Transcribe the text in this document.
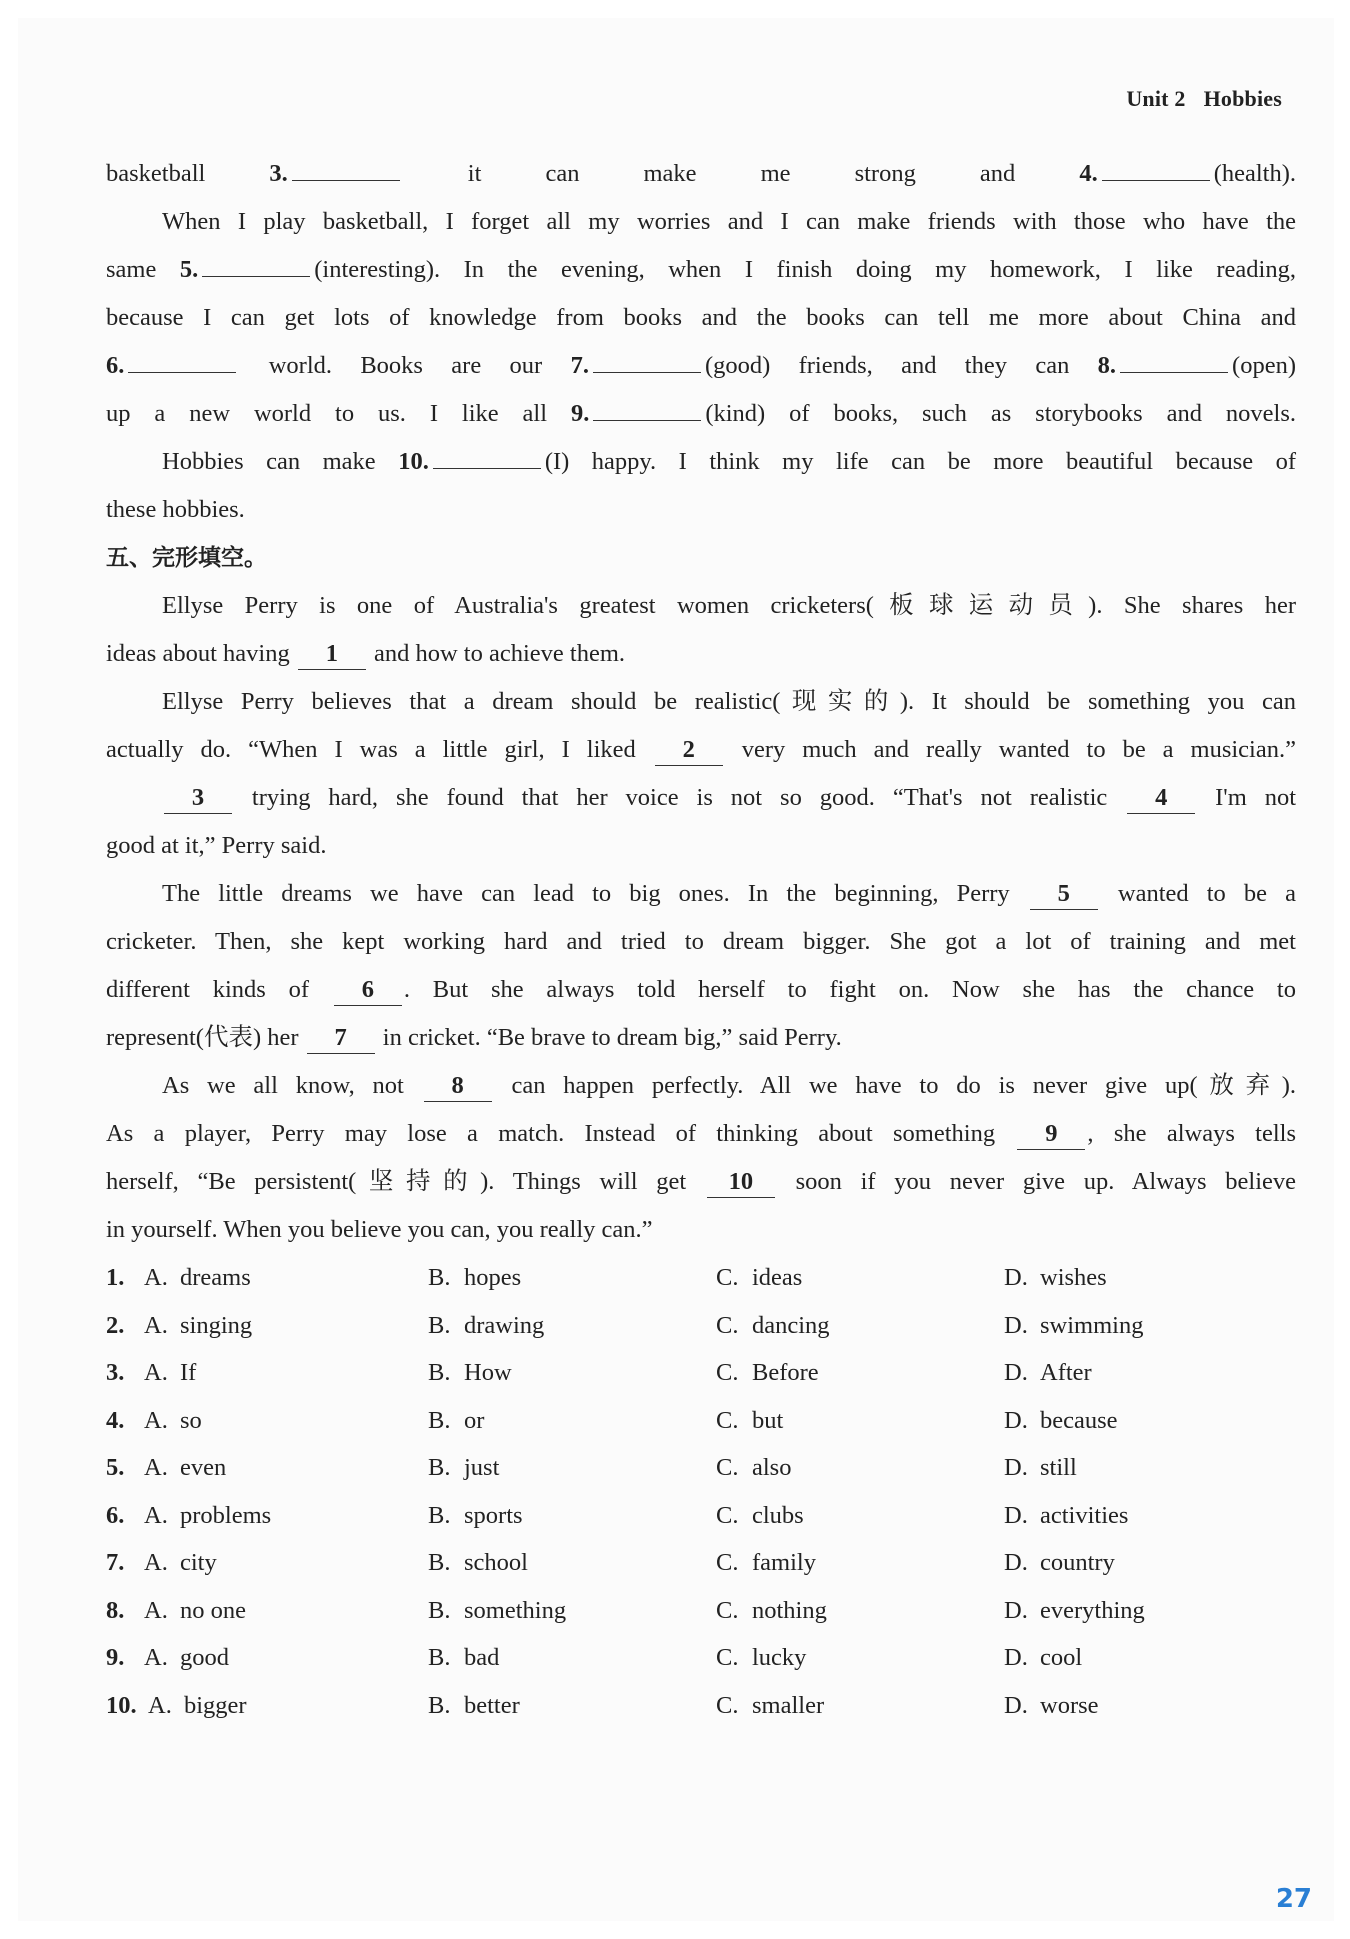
Unit 2 Hobbies
basketball 3.	it can make me strong and 4.	(health).
When I play basketball, I forget all my worries and I can make friends with those who have the
same 5.	(interesting). In the evening, when I finish doing my homework, I like reading,
because I can get lots of knowledge from books and the books can tell me more about China and
6.	world. Books are our 7.	(good) friends, and they can 8.	(open)
up a new world to us. I like all 9.	(kind) of books, such as storybooks and novels.
Hobbies can make 10.	(I) happy. I think my life can be more beautiful because of
these hobbies.
五、完形填空。
Ellyse Perry is one of Australia's greatest women cricketers(板球运动员). She shares her
ideas about having 1 and how to achieve them.
Ellyse Perry believes that a dream should be realistic(现实的). It should be something you can
actually do. “When I was a little girl, I liked 2 very much and really wanted to be a musician.”
3 trying hard, she found that her voice is not so good. “That's not realistic 4 I'm not
good at it,” Perry said.
The little dreams we have can lead to big ones. In the beginning, Perry 5 wanted to be a
cricketer. Then, she kept working hard and tried to dream bigger. She got a lot of training and met
different kinds of 6 . But she always told herself to fight on. Now she has the chance to
represent(代表) her 7 in cricket. “Be brave to dream big,” said Perry.
As we all know, not 8 can happen perfectly. All we have to do is never give up(放弃).
As a player, Perry may lose a match. Instead of thinking about something 9 , she always tells
herself, “Be persistent(坚持的). Things will get 10 soon if you never give up. Always believe
in yourself. When you believe you can, you really can.”
1. A. dreams	B. hopes	C. ideas	D. wishes
2. A. singing	B. drawing	C. dancing	D. swimming
3. A. If	B. How	C. Before	D. After
4. A. so	B. or	C. but	D. because
5. A. even	B. just	C. also	D. still
6. A. problems	B. sports	C. clubs	D. activities
7. A. city	B. school	C. family	D. country
8. A. no one	B. something	C. nothing	D. everything
9. A. good	B. bad	C. lucky	D. cool
10. A. bigger	B. better	C. smaller	D. worse
27
